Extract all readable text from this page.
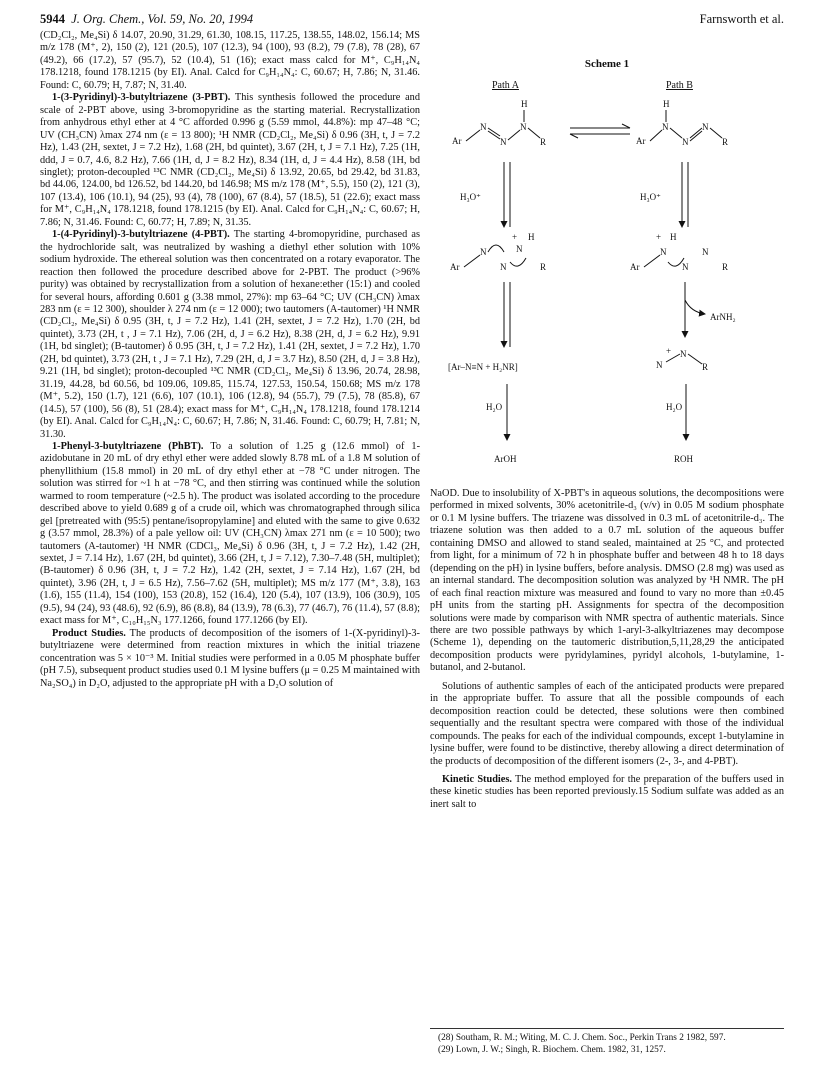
5944 J. Org. Chem., Vol. 59, No. 20, 1994	Farnsworth et al.

(CD₂Cl₂, Me₄Si) δ 14.07, 20.90, 31.29, 61.30, 108.15, 117.25, 138.55, 148.02, 156.14; MS m/z 178 (M⁺, 2), 150 (2), 121 (20.5), 107 (12.3), 94 (100), 93 (8.2), 79 (7.8), 78 (28), 67 (49.2), 66 (17.2), 57 (95.7), 52 (10.4), 51 (16); exact mass calcd for M⁺, C₉H₁₄N₄ 178.1218, found 178.1215 (by EI). Anal. Calcd for C₉H₁₄N₄: C, 60.67; H, 7.86; N, 31.46. Found: C, 60.79; H, 7.87; N, 31.40.

1-(3-Pyridinyl)-3-butyltriazene (3-PBT). This synthesis followed the procedure and scale of 2-PBT above, using 3-bromopyridine as the starting material. Recrystallization from anhydrous ethyl ether at 4 °C afforded 0.996 g (5.59 mmol, 44.8%): mp 47–48 °C; UV (CH₃CN) λmax 274 nm (ε = 13 800); ¹H NMR (CD₂Cl₂, Me₄Si) δ 0.96 (3H, t, J = 7.2 Hz), 1.43 (2H, sextet, J = 7.2 Hz), 1.68 (2H, bd quintet), 3.67 (2H, t, J = 7.1 Hz), 7.25 (1H, ddd, J = 0.7, 4.6, 8.2 Hz), 7.66 (1H, d, J = 8.2 Hz), 8.34 (1H, d, J = 4.4 Hz), 8.58 (1H, bd singlet); proton-decoupled ¹³C NMR (CD₂Cl₂, Me₄Si) δ 13.92, 20.65, bd 29.42, bd 31.83, bd 44.06, 124.00, bd 126.52, bd 144.20, bd 146.98; MS m/z 178 (M⁺, 5.5), 150 (2), 121 (3), 107 (13.4), 106 (10.1), 94 (25), 93 (4), 78 (100), 67 (8.4), 57 (18.5), 51 (22.6); exact mass for M⁺, C₉H₁₄N₄ 178.1218, found 178.1215 (by EI). Anal. Calcd for C₉H₁₄N₄: C, 60.67; H, 7.86; N, 31.46. Found: C, 60.77; H, 7.89; N, 31.35.

1-(4-Pyridinyl)-3-butyltriazene (4-PBT). The starting 4-bromopyridine, purchased as the hydrochloride salt, was neutralized by washing a diethyl ether solution with 10% sodium hydroxide. The ethereal solution was then concentrated on a rotary evaporator. The reaction then followed the procedure described above for 2-PBT. The product (>96% purity) was obtained by recrystallization from a solution of hexane:ether (15:1) and cooled for several hours, affording 0.601 g (3.38 mmol, 27%): mp 63–64 °C; UV (CH₃CN) λmax 283 nm (ε = 12 300), shoulder λ 274 nm (ε = 12 000); two tautomers (A-tautomer) ¹H NMR (CD₂Cl₂, Me₄Si) δ 0.95 (3H, t, J = 7.2 Hz), 1.41 (2H, sextet, J = 7.2 Hz), 1.70 (2H, bd quintet), 3.73 (2H, t , J = 7.1 Hz), 7.06 (2H, d, J = 6.2 Hz), 8.38 (2H, d, J = 6.2 Hz), 9.91 (1H, bd singlet); (B-tautomer) δ 0.95 (3H, t, J = 7.2 Hz), 1.41 (2H, sextet, J = 7.2 Hz), 1.70 (2H, bd quintet), 3.73 (2H, t , J = 7.1 Hz), 7.29 (2H, d, J = 3.7 Hz), 8.50 (2H, d, J = 3.8 Hz), 9.21 (1H, bd singlet); proton-decoupled ¹³C NMR (CD₂Cl₂, Me₄Si) δ 13.96, 20.74, 28.98, 31.19, 44.28, bd 60.56, bd 109.06, 109.85, 115.74, 127.53, 150.54, 150.68; MS m/z 178 (M⁺, 5.2), 150 (1.7), 121 (6.6), 107 (10.1), 106 (12.8), 94 (55.7), 79 (7.5), 78 (85.8), 67 (14.5), 57 (100), 56 (8), 51 (28.4); exact mass for M⁺, C₉H₁₄N₄ 178.1218, found 178.1214 (by EI). Anal. Calcd for C₉H₁₄N₄: C, 60.67; H, 7.86; N, 31.46. Found: C, 60.79; H, 7.81; N, 31.30.

1-Phenyl-3-butyltriazene (PhBT). To a solution of 1.25 g (12.6 mmol) of 1-azidobutane in 20 mL of dry ethyl ether were added slowly 8.78 mL of a 1.8 M solution of phenyllithium (15.8 mmol) in 20 mL of dry ethyl ether at −78 °C under nitrogen. The solution was stirred for ~1 h at −78 °C, and then stirring was continued while the solution warmed to room temperature (~2.5 h). The product was isolated according to the procedure described above to yield 0.689 g of a crude oil, which was chromatographed through silica gel [pretreated with (95:5) pentane/isopropylamine] and eluted with the same to give 0.632 g (3.57 mmol, 28.3%) of a pale yellow oil: UV (CH₃CN) λmax 271 nm (ε = 10 500); two tautomers (A-tautomer) ¹H NMR (CDCl₃, Me₄Si) δ 0.96 (3H, t, J = 7.2 Hz), 1.42 (2H, sextet, J = 7.14 Hz), 1.67 (2H, bd quintet), 3.66 (2H, t, J = 7.12), 7.30–7.48 (5H, multiplet); (B-tautomer) δ 0.96 (3H, t, J = 7.2 Hz), 1.42 (2H, sextet, J = 7.14 Hz), 1.67 (2H, bd quintet), 3.96 (2H, t, J = 6.5 Hz), 7.56–7.62 (5H, multiplet); MS m/z 177 (M⁺, 3.8), 163 (1.6), 155 (11.4), 154 (100), 153 (20.8), 152 (16.4), 120 (5.4), 107 (13.9), 106 (30.9), 105 (9.5), 94 (24), 93 (48.6), 92 (6.9), 86 (8.8), 84 (13.9), 78 (6.3), 77 (46.7), 76 (11.4), 57 (8.8); exact mass for M⁺, C₁₀H₁₅N₃ 177.1266, found 177.1266 (by EI).

Product Studies. The products of decomposition of the isomers of 1-(X-pyridinyl)-3-butyltriazene were determined from reaction mixtures in which the initial triazene concentration was 5 × 10⁻³ M. Initial studies were performed in a 0.05 M phosphate buffer (pH 7.5), subsequent product studies used 0.1 M lysine buffers (μ = 0.25 M maintained with Na₂SO₄) in D₂O, adjusted to the appropriate pH with a D₂O solution of

Scheme 1
Path A	Path B
Ar
N
N
N
H
R	Ar
N
H
N
N
R
H₃O⁺	H₃O⁺
Ar
N
N
N
+ H
R	Ar
N
+ H
N
N
R
ArNH₂
[Ar–N≡N + H₂NR]	N
+ N
R
H₂O	H₂O
ArOH	ROH

NaOD. Due to insolubility of X-PBT's in aqueous solutions, the decompositions were performed in mixed solvents, 30% acetonitrile-d₃ (v/v) in 0.05 M sodium phosphate or 0.1 M lysine buffers. The triazene was dissolved in 0.3 mL of acetonitrile-d₃. The triazene solution was then added to a 0.7 mL solution of the aqueous buffer containing DMSO and allowed to stand sealed, maintained at 25 °C, and protected from light, for a minimum of 72 h in phosphate buffer and between 48 h to 18 days (depending on the pH) in lysine buffers, before analysis. DMSO (2.8 mg) was used as an internal standard. The decomposition solution was analyzed by ¹H NMR. The pH of each final reaction mixture was measured and found to vary no more than ±0.45 pH units from the starting pH. Assignments for spectra of the decomposition solutions were made by comparison with NMR spectra of authentic materials. Since there are two possible pathways by which 1-aryl-3-alkyltriazenes may decompose (Scheme 1), depending on the tautomeric distribution,5,11,28,29 the anticipated decomposition products were pyridylamines, pyridyl alcohols, 1-butylamine, 1-butanol, and 2-butanol.

Solutions of authentic samples of each of the anticipated products were prepared in the appropriate buffer. To assure that all the possible compounds of each decomposition reaction could be detected, these solutions were then combined sequentially and the resultant spectra were compared with those of the individual compounds. The peaks for each of the individual compounds, except 1-butylamine in lysine buffer, were found to be distinctive, thereby allowing a direct determination of the products of decomposition of the different isomers (2-, 3-, and 4-PBT).

Kinetic Studies. The method employed for the preparation of the buffers used in these kinetic studies has been reported previously.15 Sodium sulfate was added as an inert salt to

(28) Southam, R. M.; Witing, M. C. J. Chem. Soc., Perkin Trans 2 1982, 597.
(29) Lown, J. W.; Singh, R. Biochem. Chem. 1982, 31, 1257.
